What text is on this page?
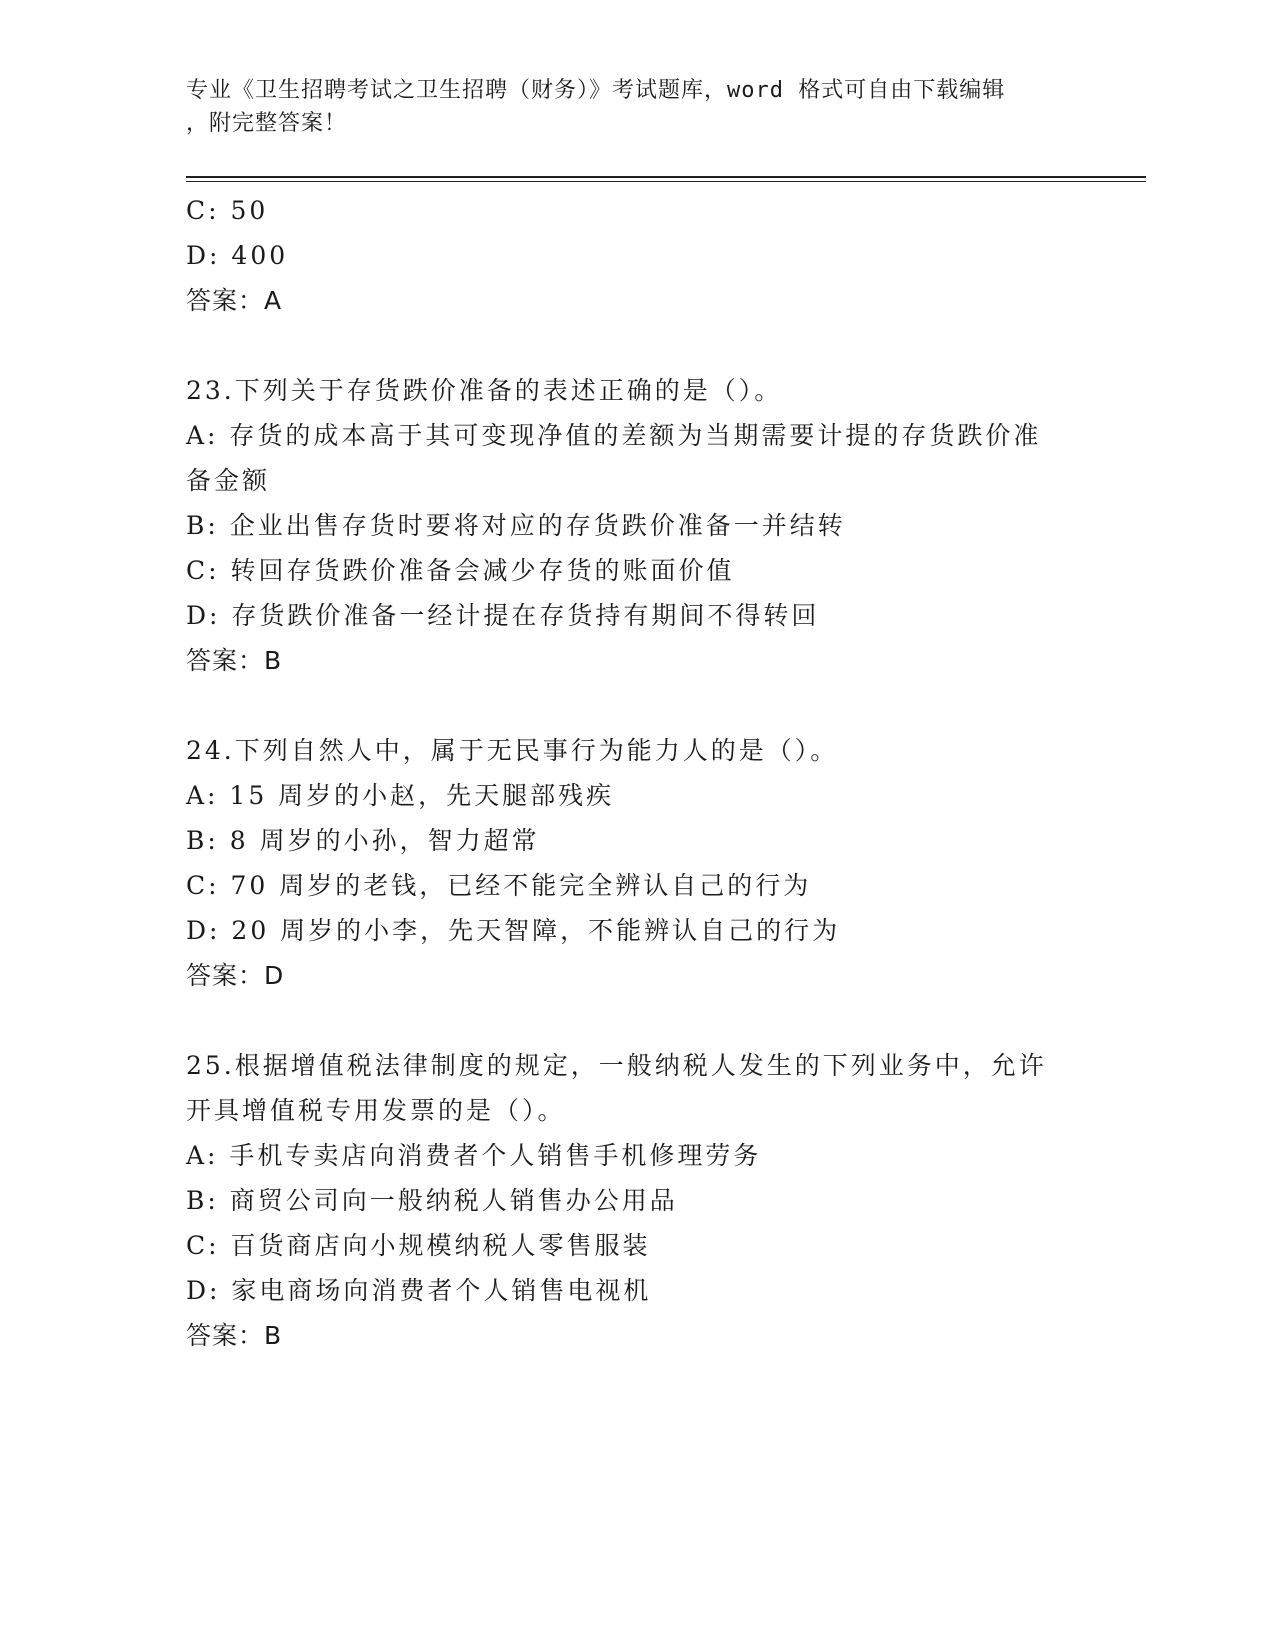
专业《卫生招聘考试之卫生招聘（财务）》考试题库，word 格式可自由下载编辑
，附完整答案！

C: 50

D: 400

答案：A

23.下列关于存货跌价准备的表述正确的是（）。

A: 存货的成本高于其可变现净值的差额为当期需要计提的存货跌价准备金额

B: 企业出售存货时要将对应的存货跌价准备一并结转

C: 转回存货跌价准备会减少存货的账面价值

D: 存货跌价准备一经计提在存货持有期间不得转回

答案：B

24.下列自然人中，属于无民事行为能力人的是（）。

A: 15 周岁的小赵，先天腿部残疾

B: 8 周岁的小孙，智力超常

C: 70 周岁的老钱，已经不能完全辨认自己的行为

D: 20 周岁的小李，先天智障，不能辨认自己的行为

答案：D

25.根据增值税法律制度的规定，一般纳税人发生的下列业务中，允许开具增值税专用发票的是（）。

A: 手机专卖店向消费者个人销售手机修理劳务

B: 商贸公司向一般纳税人销售办公用品

C: 百货商店向小规模纳税人零售服装

D: 家电商场向消费者个人销售电视机

答案：B
